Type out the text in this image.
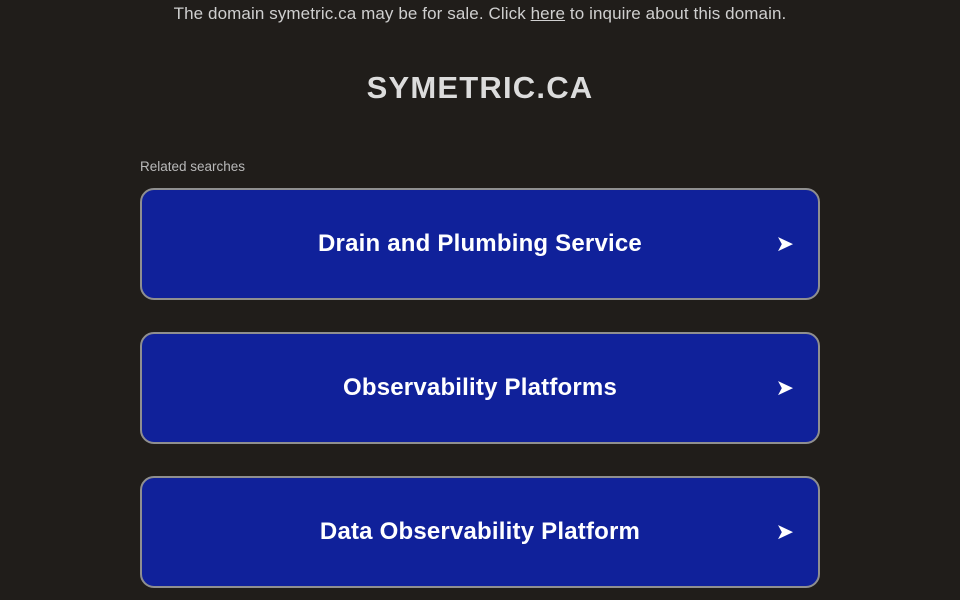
The domain symetric.ca may be for sale. Click here to inquire about this domain.
SYMETRIC.CA
Related searches
Drain and Plumbing Service	➤
Observability Platforms	➤
Data Observability Platform	➤
